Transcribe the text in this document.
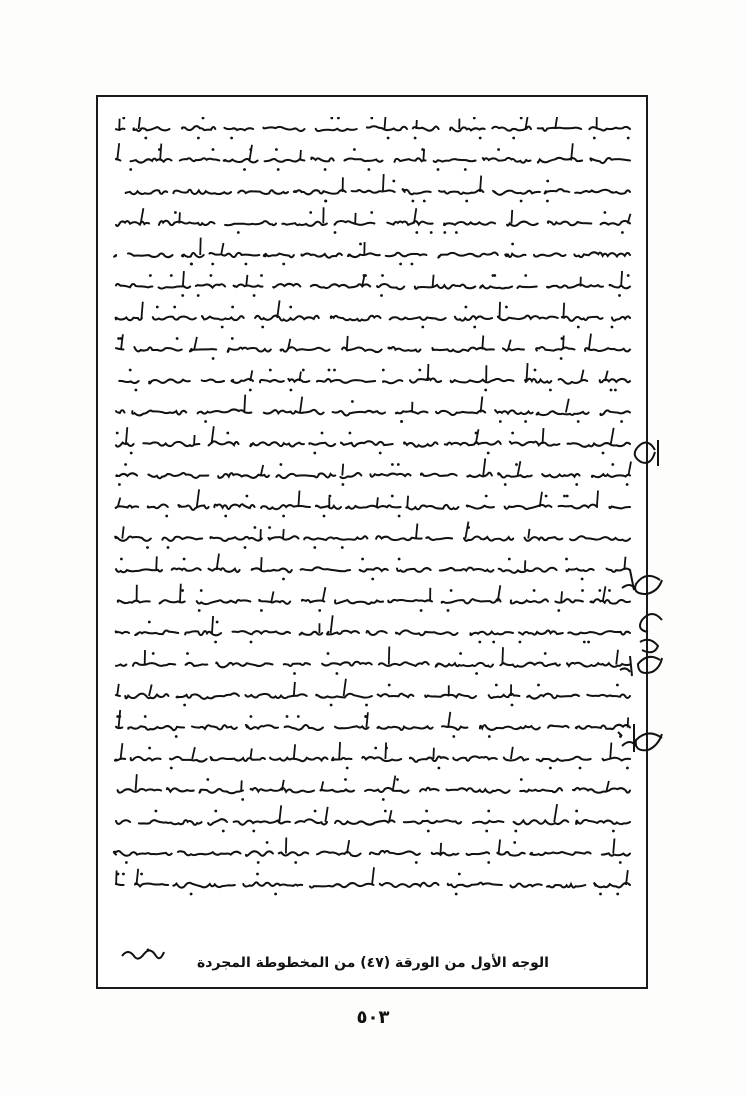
الوجه الأول من الورقة (٤٧) من المخطوطة المجردة
٥٠٣
